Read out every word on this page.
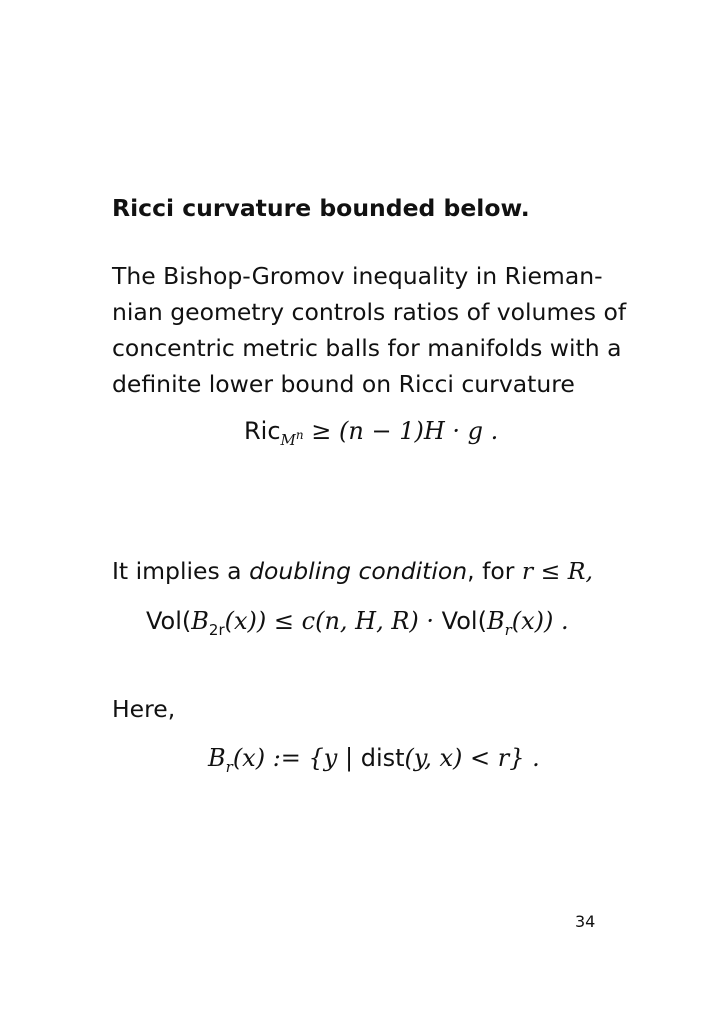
Ricci curvature bounded below.
The Bishop-Gromov inequality in Rieman-
nian geometry controls ratios of volumes of
concentric metric balls for manifolds with a
definite lower bound on Ricci curvature
Ric$_{M^n}$ ≥ (n − 1)H · g .
It implies a doubling condition, for r ≤ R,
$Vol(B_{2r}(x)) \le c(n$, H, $R) \cdot Vol(B_r(x))$ .
Here,
$B_r(x)$ := {y | dist(y, x) < r} .
34
